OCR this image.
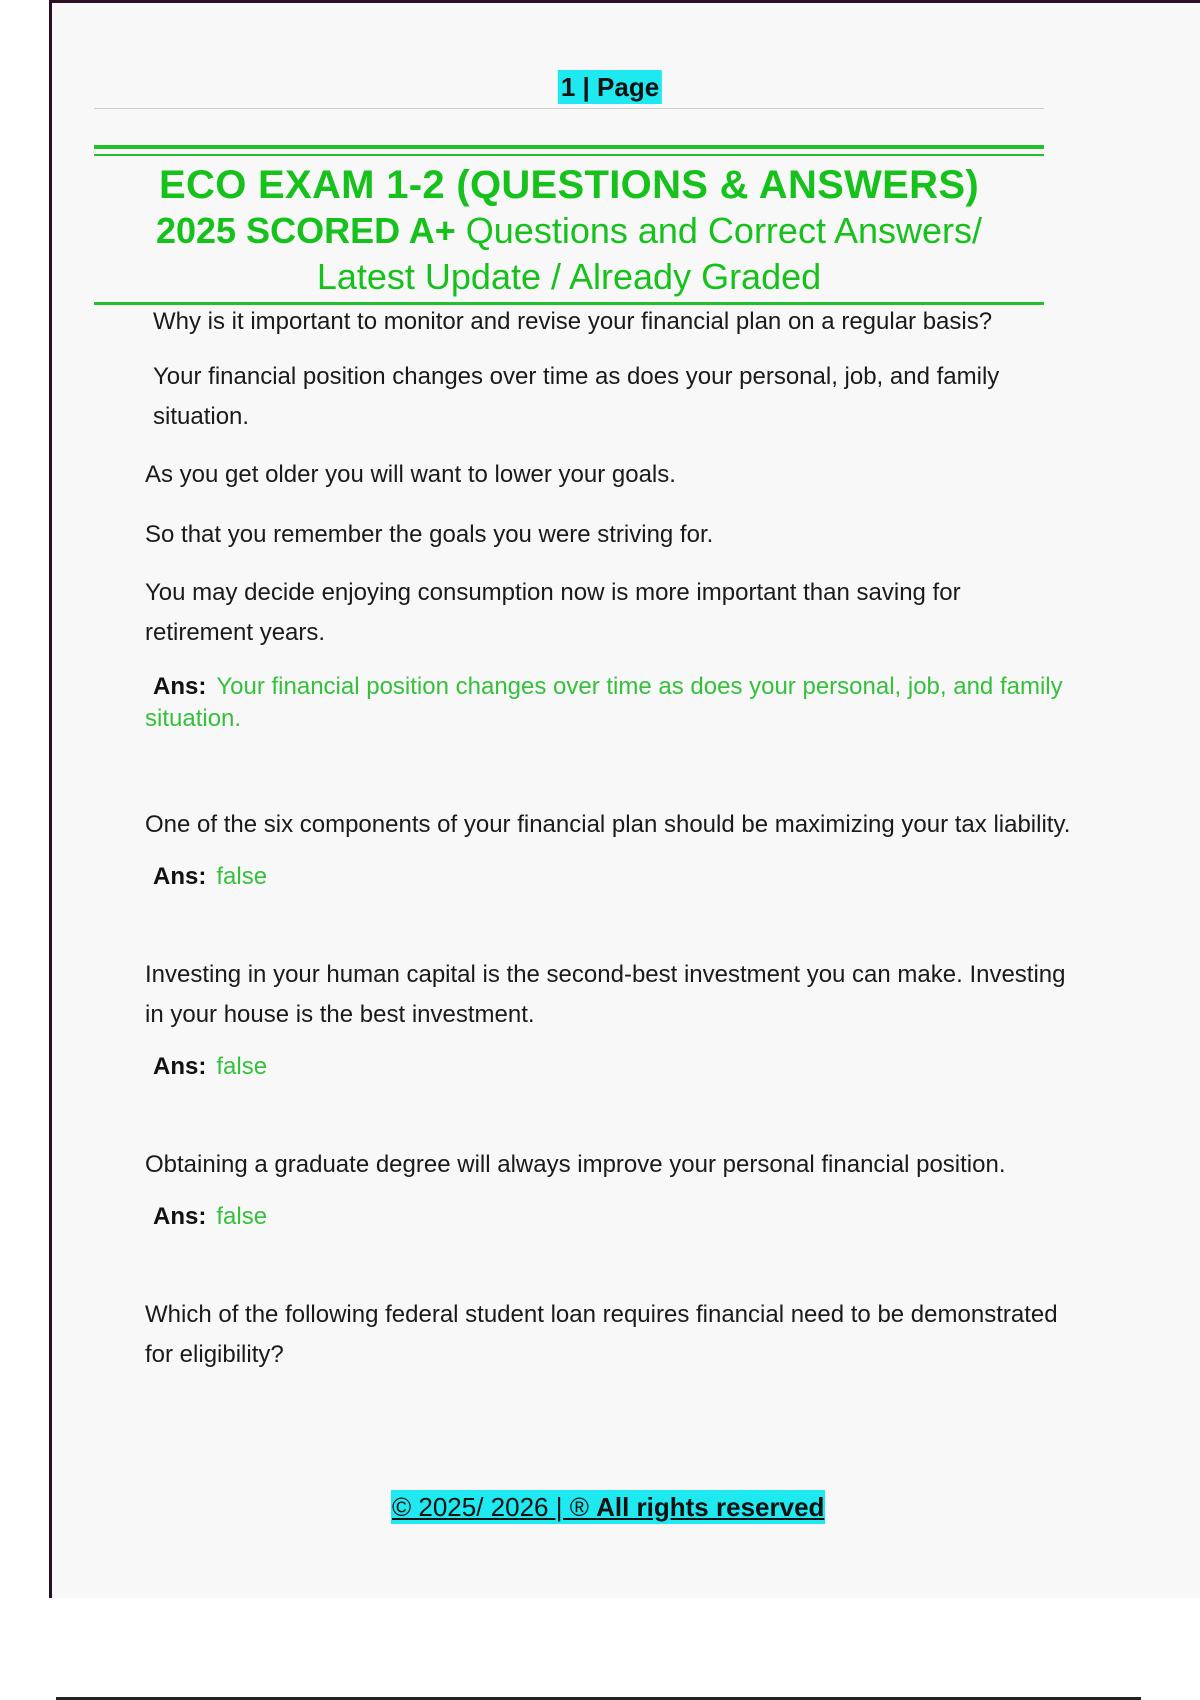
1 | Page
ECO EXAM 1-2 (QUESTIONS & ANSWERS)
2025 SCORED A+ Questions and Correct Answers/
Latest Update / Already Graded

Why is it important to monitor and revise your financial plan on a regular basis?

Your financial position changes over time as does your personal, job, and family situation.

As you get older you will want to lower your goals.

So that you remember the goals you were striving for.

You may decide enjoying consumption now is more important than saving for retirement years.

Ans: Your financial position changes over time as does your personal, job, and family situation.

One of the six components of your financial plan should be maximizing your tax liability.

Ans: false

Investing in your human capital is the second-best investment you can make. Investing in your house is the best investment.

Ans: false

Obtaining a graduate degree will always improve your personal financial position.

Ans: false

Which of the following federal student loan requires financial need to be demonstrated for eligibility?

© 2025/ 2026 | ® All rights reserved
